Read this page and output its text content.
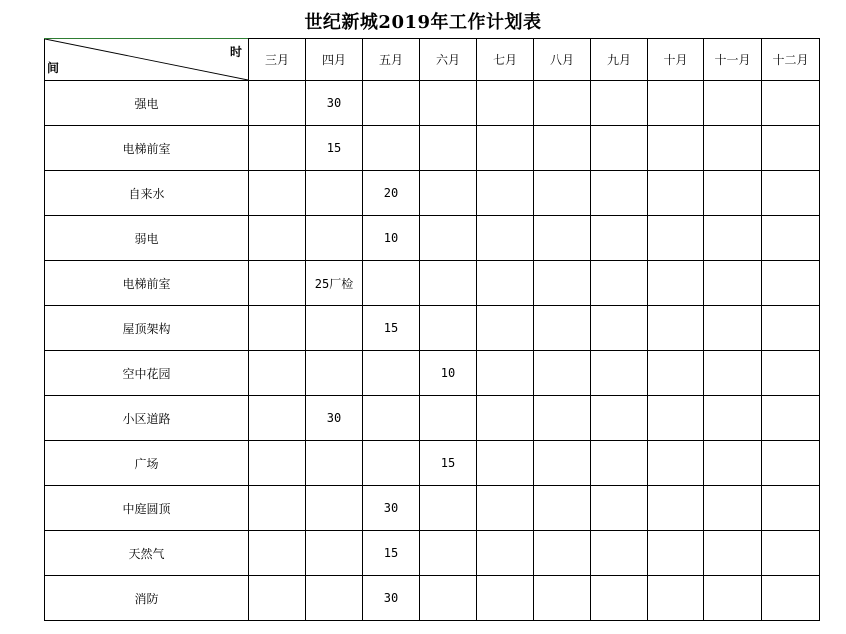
世纪新城2019年工作计划表
时
间	三月	四月	五月	六月	七月	八月	九月	十月	十一月	十二月
强电		30								
电梯前室		15								
自来水			20							
弱电			10							
电梯前室		25厂检								
屋顶架构			15							
空中花园				10						
小区道路		30								
广场				15						
中庭圆顶			30							
天然气			15							
消防			30							
